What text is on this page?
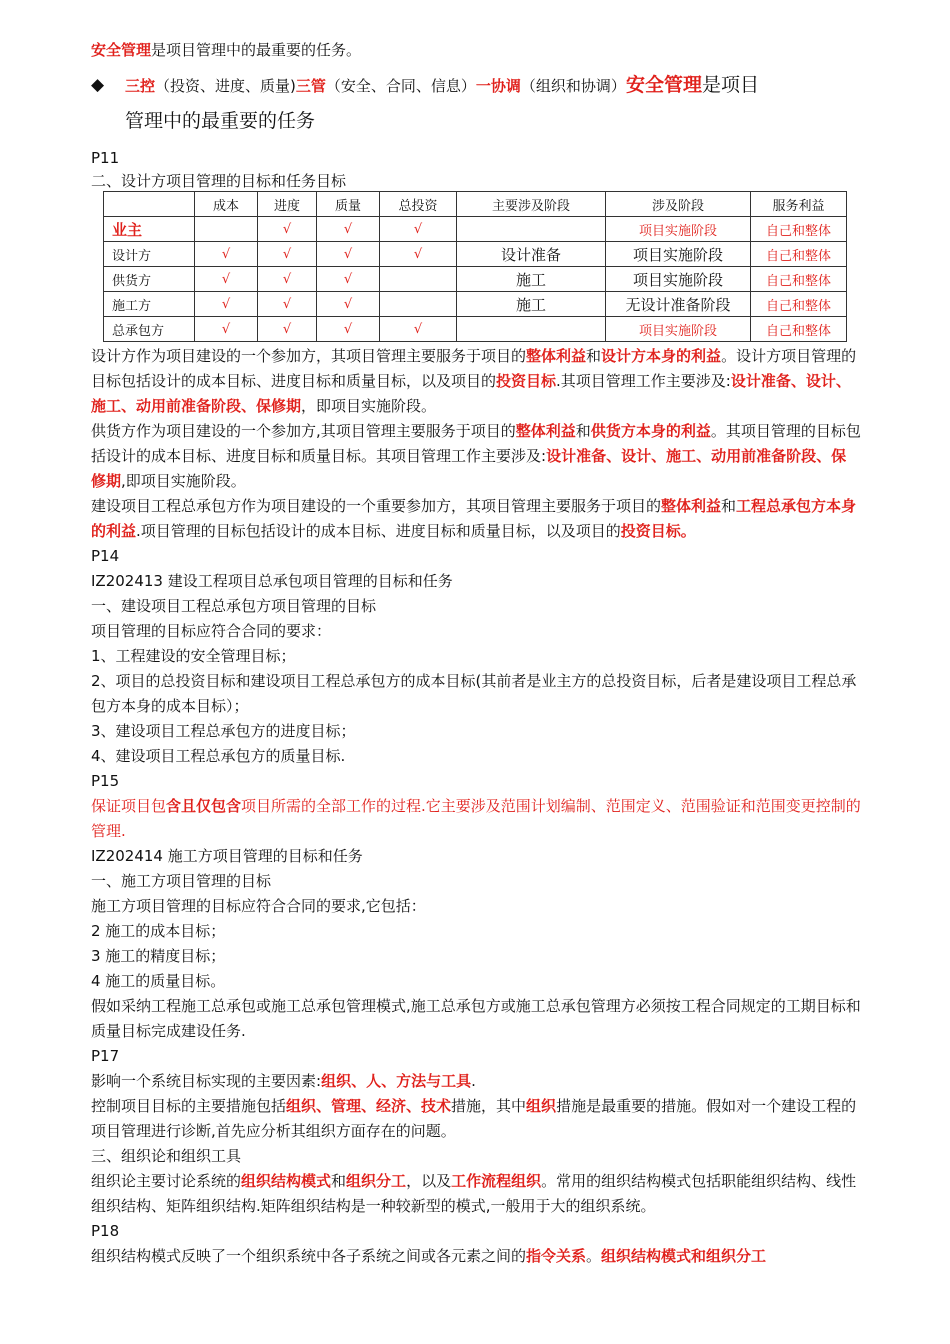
安全管理是项目管理中的最重要的任务。

◆ 三控（投资、进度、质量)三管（安全、合同、信息）一协调（组织和协调）安全管理是项目
管理中的最重要的任务

P11

二、设计方项目管理的目标和任务目标

	成本	进度	质量	总投资	主要涉及阶段	涉及阶段	服务利益
业主		√	√	√		项目实施阶段	自己和整体
设计方	√	√	√	√	设计准备	项目实施阶段	自己和整体
供货方	√	√	√		施工	项目实施阶段	自己和整体
施工方	√	√	√		施工	无设计准备阶段	自己和整体
总承包方	√	√	√	√		项目实施阶段	自己和整体

设计方作为项目建设的一个参加方，其项目管理主要服务于项目的整体利益和设计方本身的利益。设计方项目管理的目标包括设计的成本目标、进度目标和质量目标，以及项目的投资目标.其项目管理工作主要涉及:设计准备、设计、施工、动用前准备阶段、保修期，即项目实施阶段。

供货方作为项目建设的一个参加方,其项目管理主要服务于项目的整体利益和供货方本身的利益。其项目管理的目标包括设计的成本目标、进度目标和质量目标。其项目管理工作主要涉及:设计准备、设计、施工、动用前准备阶段、保修期,即项目实施阶段。

建设项目工程总承包方作为项目建设的一个重要参加方，其项目管理主要服务于项目的整体利益和工程总承包方本身的利益.项目管理的目标包括设计的成本目标、进度目标和质量目标，以及项目的投资目标。

P14

IZ202413 建设工程项目总承包项目管理的目标和任务

一、建设项目工程总承包方项目管理的目标

项目管理的目标应符合合同的要求：

1、工程建设的安全管理目标；

2、项目的总投资目标和建设项目工程总承包方的成本目标(其前者是业主方的总投资目标，后者是建设项目工程总承包方本身的成本目标）；

3、建设项目工程总承包方的进度目标；

4、建设项目工程总承包方的质量目标.

P15

保证项目包含且仅包含项目所需的全部工作的过程.它主要涉及范围计划编制、范围定义、范围验证和范围变更控制的管理.

IZ202414 施工方项目管理的目标和任务

一、施工方项目管理的目标

施工方项目管理的目标应符合合同的要求,它包括：

2 施工的成本目标；

3 施工的精度目标；

4 施工的质量目标。

假如采纳工程施工总承包或施工总承包管理模式,施工总承包方或施工总承包管理方必须按工程合同规定的工期目标和质量目标完成建设任务.

P17

影响一个系统目标实现的主要因素:组织、人、方法与工具.

控制项目目标的主要措施包括组织、管理、经济、技术措施，其中组织措施是最重要的措施。假如对一个建设工程的项目管理进行诊断,首先应分析其组织方面存在的问题。

三、组织论和组织工具

组织论主要讨论系统的组织结构模式和组织分工，以及工作流程组织。常用的组织结构模式包括职能组织结构、线性组织结构、矩阵组织结构.矩阵组织结构是一种较新型的模式,一般用于大的组织系统。

P18

组织结构模式反映了一个组织系统中各子系统之间或各元素之间的指令关系。组织结构模式和组织分工
